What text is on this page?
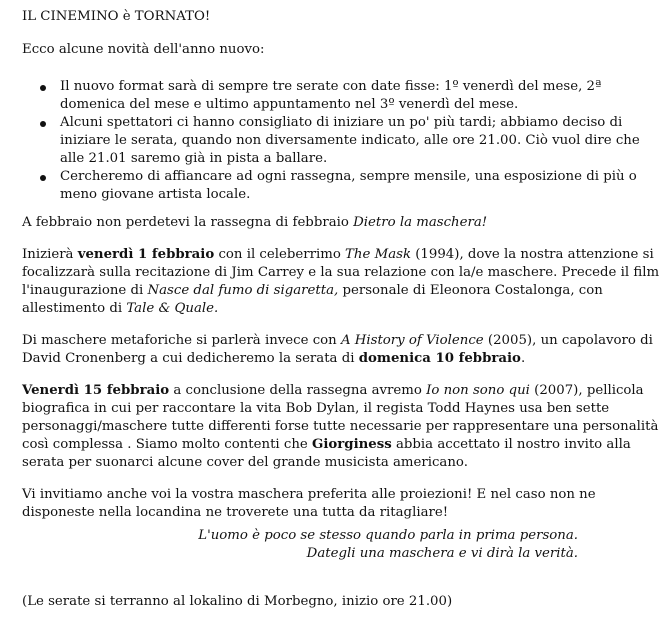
IL CINEMINO è TORNATO!
Ecco alcune novità dell'anno nuovo:
Il nuovo format sarà di sempre tre serate con date fisse: 1º venerdì del mese, 2ª
domenica del mese e ultimo appuntamento nel 3º venerdì del mese.
Alcuni spettatori ci hanno consigliato di iniziare un po' più tardi; abbiamo deciso di
iniziare le serata, quando non diversamente indicato, alle ore 21.00. Ciò vuol dire che
alle 21.01 saremo già in pista a ballare.
Cercheremo di affiancare ad ogni rassegna, sempre mensile, una esposizione di più o
meno giovane artista locale.
A febbraio non perdetevi la rassegna di febbraio Dietro la maschera!
Inizierà venerdì 1 febbraio con il celeberrimo The Mask (1994), dove la nostra attenzione si
focalizzarà sulla recitazione di Jim Carrey e la sua relazione con la/e maschere. Precede il film
l'inaugurazione di Nasce dal fumo di sigaretta, personale di Eleonora Costalonga, con
allestimento di Tale & Quale.
Di maschere metaforiche si parlerà invece con A History of Violence (2005), un capolavoro di
David Cronenberg a cui dedicheremo la serata di domenica 10 febbraio.
Venerdì 15 febbraio a conclusione della rassegna avremo Io non sono qui (2007), pellicola
biografica in cui per raccontare la vita Bob Dylan, il regista Todd Haynes usa ben sette
personaggi/maschere tutte differenti forse tutte necessarie per rappresentare una personalità
così complessa . Siamo molto contenti che Giorginess abbia accettato il nostro invito alla
serata per suonarci alcune cover del grande musicista americano.
Vi invitiamo anche voi la vostra maschera preferita alle proiezioni! E nel caso non ne
disponeste nella locandina ne troverete una tutta da ritagliare!
L'uomo è poco se stesso quando parla in prima persona.
Dategli una maschera e vi dirà la verità.
(Le serate si terranno al lokalino di Morbegno, inizio ore 21.00)
